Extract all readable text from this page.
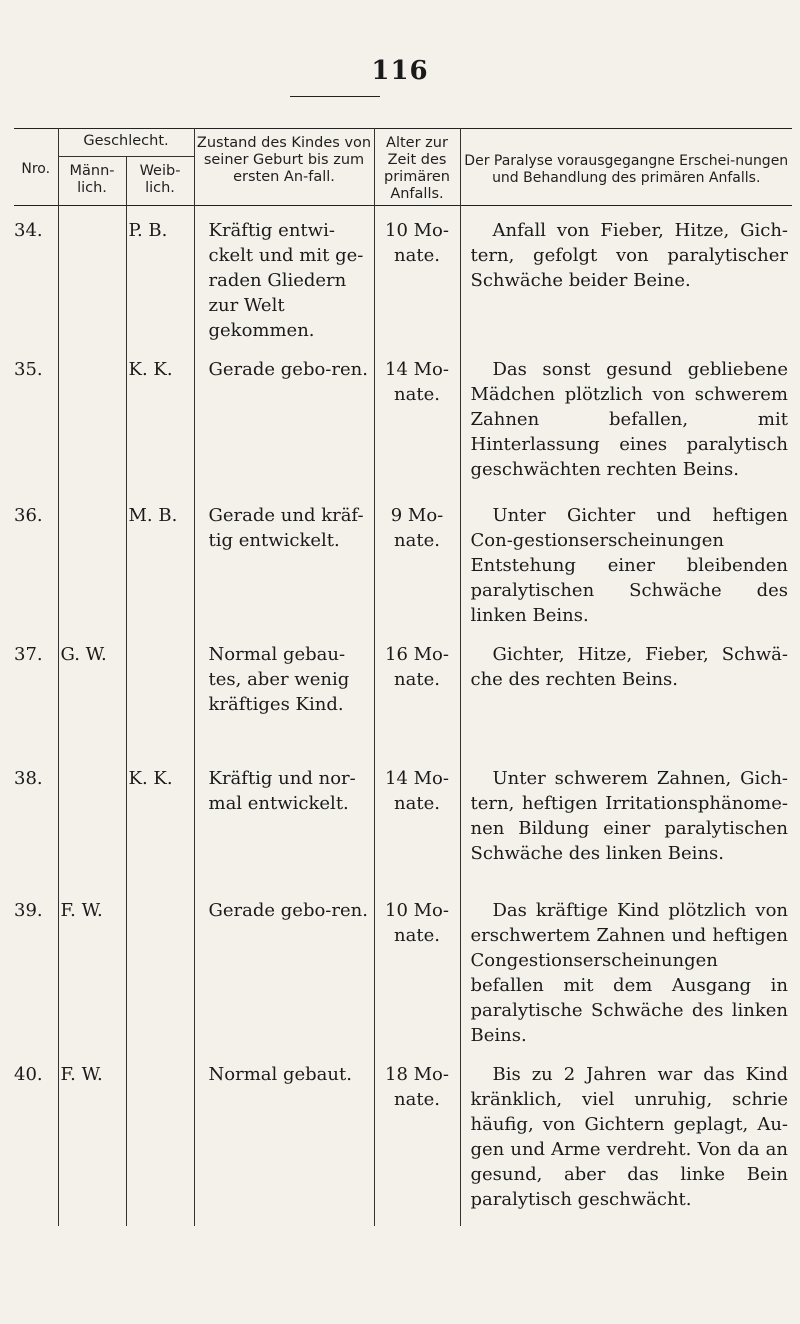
116
Nro.	Geschlecht.		Zustand des Kindes von seiner Geburt bis zum ersten An-fall.	Alter zur Zeit des primären Anfalls.	Der Paralyse vorausgegangne Erschei-nungen und Behandlung des primären Anfalls.
	Männ-lich.	Weib-lich.			
34.		P. B.	Kräftig entwi-ckelt und mit ge-raden Gliedern zur Welt gekommen.	10 Mo-nate.	Anfall von Fieber, Hitze, Gich-tern, gefolgt von paralytischer Schwäche beider Beine.

35.		K. K.	Gerade gebo-ren.	14 Mo-nate.	Das sonst gesund gebliebene Mädchen plötzlich von schwerem Zahnen befallen, mit Hinterlassung eines paralytisch geschwächten rechten Beins.

36.		M. B.	Gerade und kräf-tig entwickelt.	9 Mo-nate.	Unter Gichter und heftigen Con-gestionserscheinungen Entstehung einer bleibenden paralytischen Schwäche des linken Beins.

37.	G. W.		Normal gebau-tes, aber wenig kräftiges Kind.	16 Mo-nate.	Gichter, Hitze, Fieber, Schwä-che des rechten Beins.

38.		K. K.	Kräftig und nor-mal entwickelt.	14 Mo-nate.	Unter schwerem Zahnen, Gich-tern, heftigen Irritationsphänome-nen Bildung einer paralytischen Schwäche des linken Beins.

39.	F. W.		Gerade gebo-ren.	10 Mo-nate.	Das kräftige Kind plötzlich von erschwertem Zahnen und heftigen Congestionserscheinungen befallen mit dem Ausgang in paralytische Schwäche des linken Beins.

40.	F. W.		Normal gebaut.	18 Mo-nate.	Bis zu 2 Jahren war das Kind kränklich, viel unruhig, schrie häufig, von Gichtern geplagt, Au-gen und Arme verdreht. Von da an gesund, aber das linke Bein paralytisch geschwächt.
